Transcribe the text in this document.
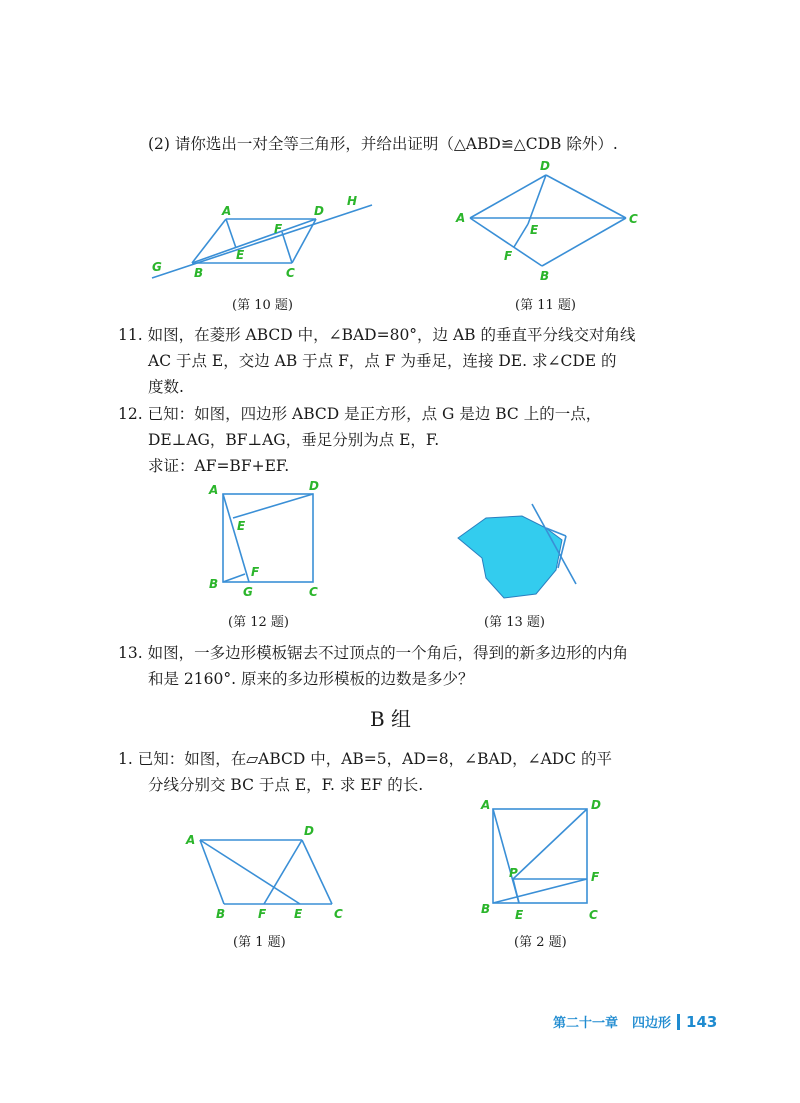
(2) 请你选出一对全等三角形，并给出证明（△ABD≌△CDB 除外）.
A	D
H
F
E
G	B	C
(第 10 题)
D
A	C
E
F
B
(第 11 题)
11. 如图，在菱形 ABCD 中，∠BAD=80°，边 AB 的垂直平分线交对角线
AC 于点 E，交边 AB 于点 F，点 F 为垂足，连接 DE. 求∠CDE 的
度数.
12. 已知：如图，四边形 ABCD 是正方形，点 G 是边 BC 上的一点，
DE⊥AG，BF⊥AG，垂足分别为点 E，F.
求证：AF=BF+EF.
A	D
E
F
B
G	C
(第 12 题)	(第 13 题)
13. 如图，一多边形模板锯去不过顶点的一个角后，得到的新多边形的内角
和是 2160°. 原来的多边形模板的边数是多少？
B 组
1. 已知：如图，在▱ABCD 中，AB=5，AD=8，∠BAD，∠ADC 的平
分线分别交 BC 于点 E，F. 求 EF 的长.
A
D
B	F E	C
(第 1 题)
A	D
P	F
B E	C
(第 2 题)
第二十一章 四边形 143
